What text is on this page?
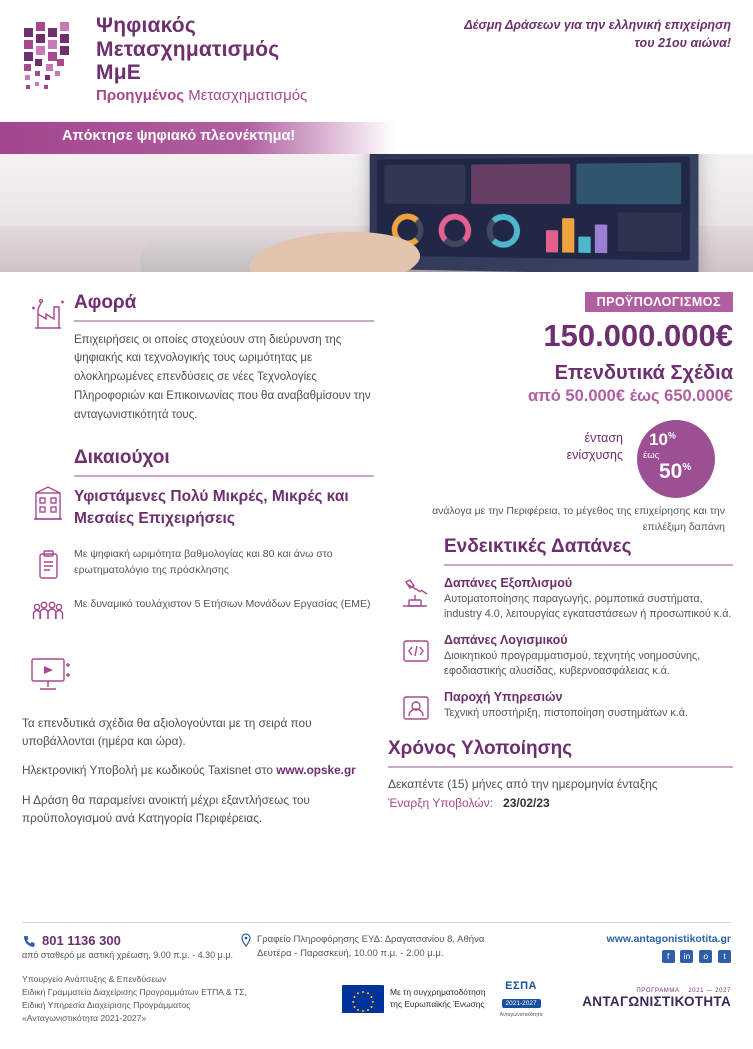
Ψηφιακός
Μετασχηματισμός
ΜμΕ
Προηγμένος Μετασχηματισμός
Δέσμη Δράσεων για την ελληνική επιχείρηση
του 21ου αιώνα!
Απόκτησε ψηφιακό πλεονέκτημα!
Αφορά

Επιχειρήσεις οι οποίες στοχεύουν στη διεύρυνση της ψηφιακής και τεχνολογικής τους ωριμότητας με ολοκληρωμένες επενδύσεις σε νέες Τεχνολογίες Πληροφοριών και Επικοινωνίας που θα αναβαθμίσουν την ανταγωνιστικότητά τους.

Δικαιούχοι
Υφιστάμενες Πολύ Μικρές, Μικρές και Μεσαίες Επιχειρήσεις
Με ψηφιακή ωριμότητα βαθμολογίας και 80 και άνω στο ερωτηματολόγιο της πρόσκλησης
Με δυναμικό τουλάχιστον 5 Ετήσιων Μονάδων Εργασίας (ΕΜΕ)

Τα επενδυτικά σχέδια θα αξιολογούνται με τη σειρά που υποβάλλονται (ημέρα και ώρα).

Ηλεκτρονική Υποβολή με κωδικούς Taxisnet στο www.opske.gr

Η Δράση θα παραμείνει ανοικτή μέχρι εξαντλήσεως του προϋπολογισμού ανά Κατηγορία Περιφέρειας.

ΠΡΟΫΠΟΛΟΓΙΣΜΟΣ
150.000.000€
Επενδυτικά Σχέδια
από 50.000€ έως 650.000€
ένταση
ενίσχυσης
10%
έως
50%
ανάλογα με την Περιφέρεια, το μέγεθος της επιχείρησης και την επιλέξιμη δαπάνη
Ενδεικτικές Δαπάνες
Δαπάνες Εξοπλισμού

Αυτοματοποίησης παραγωγής, ρομποτικά συστήματα, industry 4.0, λειτουργίας εγκαταστάσεων ή προσωπικού κ.ά.

Δαπάνες Λογισμικού

Διοικητικού προγραμματισμού, τεχνητής νοημοσύνης, εφοδιαστικής αλυσίδας, κυβερνοασφάλειας κ.ά.

Παροχή Υπηρεσιών

Τεχνική υποστήριξη, πιστοποίηση συστημάτων κ.ά.

Χρόνος Υλοποίησης
Δεκαπέντε (15) μήνες από την ημερομηνία ένταξης
Έναρξη Υποβολών: 23/02/23
801 1136 300
από σταθερό με αστική χρέωση, 9.00 π.μ. - 4.30 μ.μ.
Γραφείο Πληροφόρησης ΕΥΔ: Δραγατσανίου 8, Αθήνα
Δευτέρα - Παρασκευή, 10.00 π.μ. - 2.00 μ.μ.
www.antagonistikotita.gr
f in o t
Υπουργείο Ανάπτυξης & Επενδύσεων
Ειδική Γραμματεία Διαχείρισης Προγραμμάτων ΕΤΠΑ & ΤΣ,
Ειδική Υπηρεσία Διαχείρισης Προγράμματος
«Ανταγωνιστικότητα 2021-2027»
Με τη συγχρηματοδότηση
της Ευρωπαϊκής Ένωσης
ΕΣΠΑ
2021-2027
Ανταγωνιστικότητα
ΠΡΟΓΡΑΜΜΑ 2021 — 2027
ΑΝΤΑΓΩΝΙΣΤΙΚΟΤΗΤΑ
